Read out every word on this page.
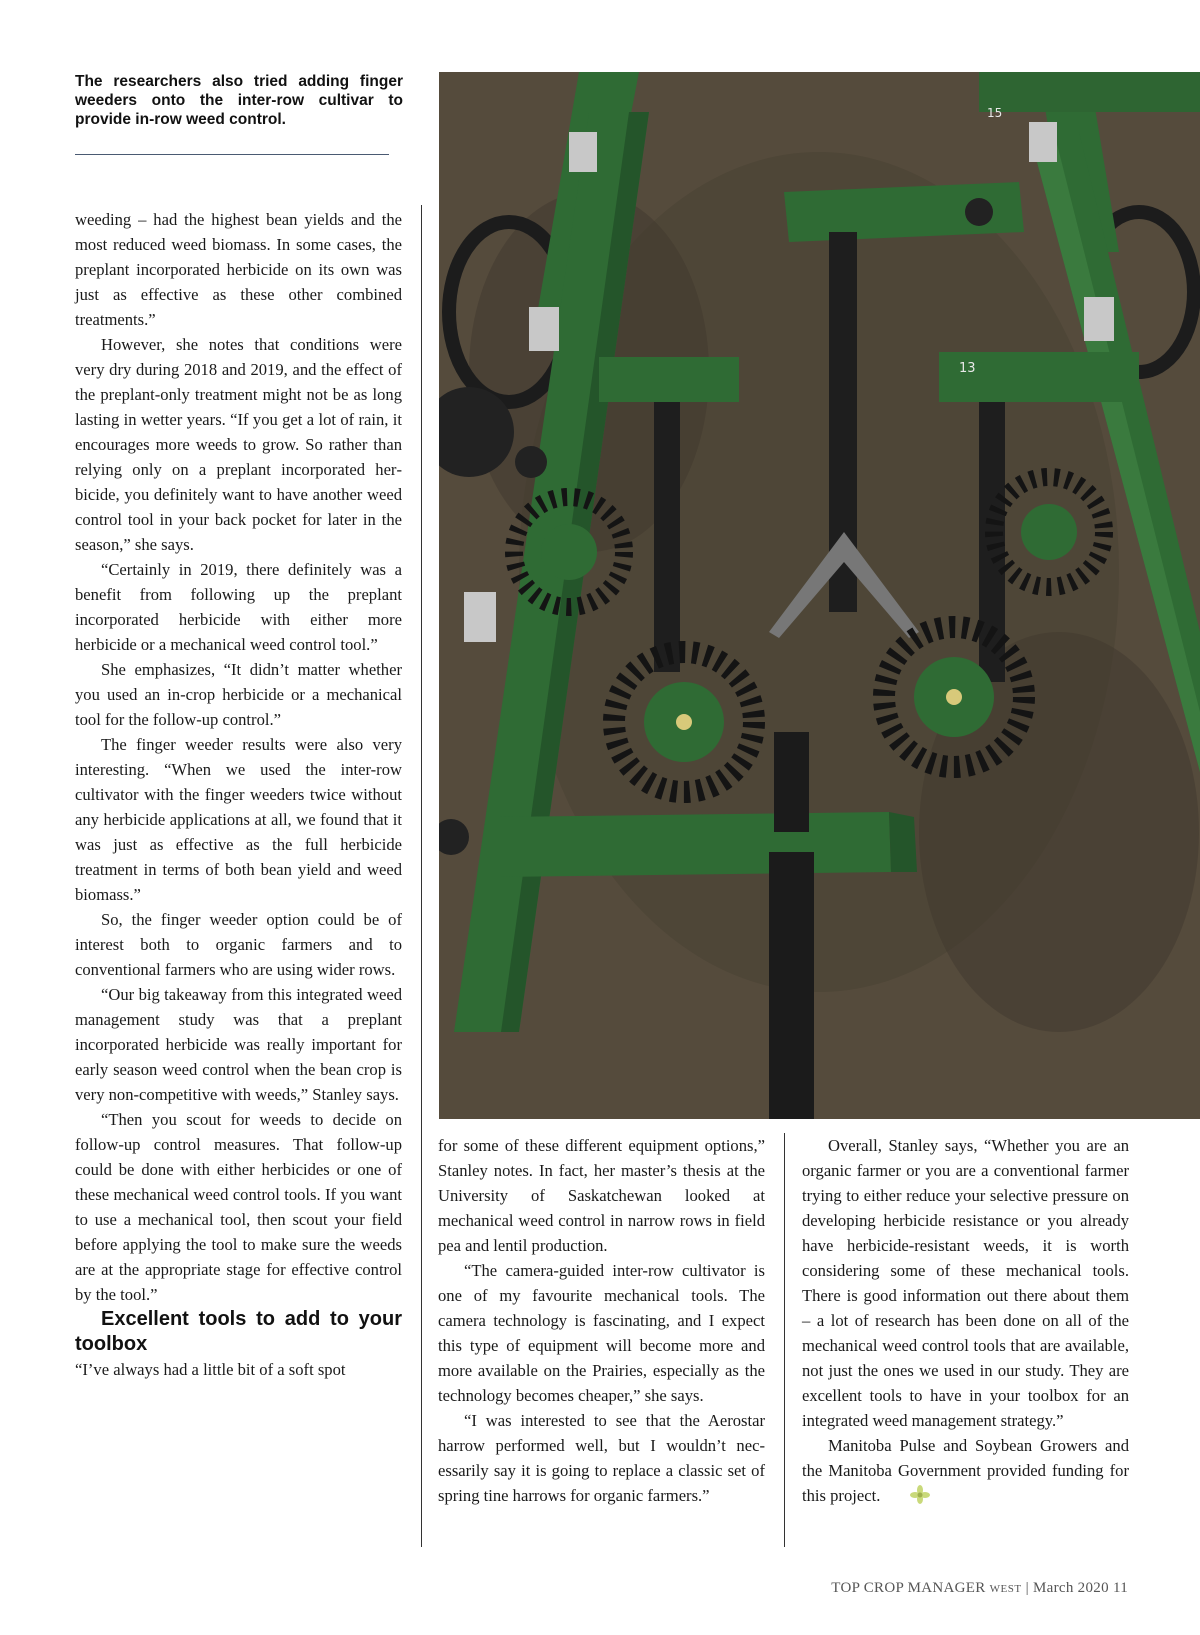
The researchers also tried adding finger weeders onto the inter-row cultivar to provide in-row weed control.	15
13

weeding – had the highest bean yields and the most reduced weed biomass. In some cases, the preplant incorporated herbicide on its own was just as effective as these other combined treatments.”

However, she notes that conditions were very dry during 2018 and 2019, and the effect of the preplant-only treatment might not be as long lasting in wetter years. “If you get a lot of rain, it encourages more weeds to grow. So rather than relying only on a preplant incorporated herbicide, you definitely want to have another weed control tool in your back pocket for later in the season,” she says.

“Certainly in 2019, there definitely was a benefit from following up the preplant incorporated herbicide with either more herbicide or a mechanical weed control tool.”

She emphasizes, “It didn’t matter whether you used an in-crop herbicide or a mechanical tool for the follow-up control.”

The finger weeder results were also very interesting. “When we used the inter-row cultivator with the finger weeders twice without any herbicide applications at all, we found that it was just as effective as the full herbicide treatment in terms of both bean yield and weed biomass.”

So, the finger weeder option could be of interest both to organic farmers and to conventional farmers who are using wider rows.

“Our big takeaway from this integrated weed management study was that a preplant incorporated herbicide was really important for early season weed control when the bean crop is very non-competitive with weeds,” Stanley says.

“Then you scout for weeds to decide on follow-up control measures. That follow-up could be done with either herbicides or one of these mechanical weed control tools. If you want to use a mechanical tool, then scout your field before applying the tool to make sure the weeds are at the appropriate stage for effective control by the tool.”

Excellent tools to add to your toolbox

“I’ve always had a little bit of a soft spot

for some of these different equipment options,” Stanley notes. In fact, her master’s thesis at the University of Saskatchewan looked at mechanical weed control in narrow rows in field pea and lentil production.

“The camera-guided inter-row cultivator is one of my favourite mechanical tools. The camera technology is fascinating, and I expect this type of equipment will become more and more available on the Prairies, especially as the technology becomes cheaper,” she says.

“I was interested to see that the Aerostar harrow performed well, but I wouldn’t necessarily say it is going to replace a classic set of spring tine harrows for organic farmers.”

Overall, Stanley says, “Whether you are an organic farmer or you are a conventional farmer trying to either reduce your selective pressure on developing herbicide resistance or you already have herbicide-resistant weeds, it is worth considering some of these mechanical tools. There is good information out there about them – a lot of research has been done on all of the mechanical weed control tools that are available, not just the ones we used in our study. They are excellent tools to have in your toolbox for an integrated weed management strategy.”

Manitoba Pulse and Soybean Growers and the Manitoba Government provided funding for this project.

TOP CROP MANAGER WEST | March 2020 11
